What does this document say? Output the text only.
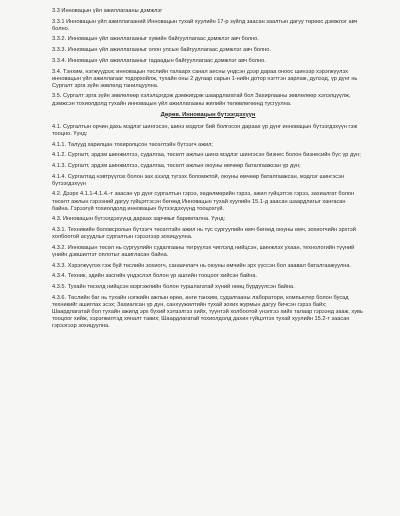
3.3 Инновацын үйл ажиллагааны дэмжлэг

3.3.1 Инновацын үйл ажиллагааний Инновацын тухай хуулийн 17-р зүйлд заасан заалтын дагуу төрөөс дэмжлэг авч болно.

3.3.2. Инновацын үйл ажиллагааныг хувийн байгууллагаас дэмжлэг авч болно.

3.3.3. Инновацын үйл ажиллагааныг олон улсын байгууллагаас дэмжлэг авч болно.

3.3.4. Инновацын үйл ажиллагааныг гадаадын байгууллагаас дэмжлэг авч болно.

3.4. Тэнхим, нэгжүүдээс инновацын төслийн талаарх санал аесны үндсэн дээр дараа оноос шинээр хэрэгжүүлэх инновацын үйл ажиллагааг тодорхойлж, тухайн оны 2 дугаар сарын 1-нийн дотор нэгтгэн зарлаж, дулээд, үр дүнг нь Сургалт эрга зүйн зөвлөлд танилцуулна.

3.5. Сургалт эрга зүйн зөвлөлөөр хэлэлцэгдэж дэмжигдэж шаардлагатай бол Захирлааны зөвлөлөөр хэлэлцүүлж, дэмжсэн тохиолдолд тухайн инновацын үйл ажиллагааны жилийн төлөвлөгөөнд тусгуулна.

Дөрөв. Инновацын бүтээгдэхүүн

4.1. Сургалтын орчин дахь мэдлэг шингэсэн, шинэ мэдлэг бий болгосон дараах үр дүнг инновацын бүтээгдэхүүн гэж тооцно. Үүнд:

4.1.1. Талууд харилцан тохиролцсон төсөлтэйн бүтээгч ажил;

4.1.2. Сургалт, эрдэм шинжилгээ, судалгаа, төсөлт ажлын шинэ мэдлэг шингэсэн бизнес болон бизнесийн бүс үр дүн;

4.1.3. Сургалт, эрдэм шинжилгээ, судалгаа, төсөлт ажлын оюуны өмчөөр баталгаажсан үр дүн;

4.1.4. Сургалтад нэвтрүүлэх болон зах зээлд түгээх боломжтой, оюуны өмчөөр баталгаажсан, мэдлэг шингэсэн бүтээгдэхүүн

4.2. Дээрх 4.1.1-4.1.4.-т заасан үр дүнг сургалтын гэрээ, хөдөлмөрийн гэрээ, ажил гүйцэтгэх гэрээ, захиалгат болон төсөлт ажлын гэрээний дагуу гүйцэтгэсэн бөгөөд Инновацын тухай хуулийн 15.1-д заасан шаардлагыг хангасан байна. Гэрээгүй тохиолдолд инновацын бүтээгдэхүүнд тооцохгүй.

4.3. Инновацын бүтээгдэхүүнд дараах зарчмыг баримтална. Үүнд:

4.3.1. Техникийн боловсролын бүтээгч төсөлтэйн ажил нь түс сургуулийн өмч бөгөөд оюуны өмч, зохиогчийн эрхтэй холбоотой асуудлыг сургалтын гэрээгээр зохицуулна.

4.3.2. Инновацын төсөл нь сургуулийн судалгааны төгрүүлэх чиглэлд нийцсэн, шинжлэх ухаан, технологийн түүний үнийн дэвшилтэт оплотыг ашигласан байна.

4.3.3. Хэрэгжүүлэх гэж буй төслийн зохиогч, санаачлагч нь оюуны өмчийн эрх үүссэн бол заавал баталгаажуулна.

4.3.4. Техник, эдийн засгийн үндэслэл болон үр ашгийн тооцоог хийсэн байна.

4.3.5. Тухайн төсөлд нийцсэн мэргэжлийн болон туршлагатай хүний нөөц бүрдүүлсэн байна.

4.3.6. Төслийн баг нь тухайн нэгжийн ажлын өрөө, анги танхим, судалгааны лаборатори, компьютер болон бусад техникийг ашиглах эсэх; Захиалсан үр дүн, санхүүжилтийн тухай зохих журмын дагуу бичсэн гэрээ байх; Шаардлагатай бол тухайн ажилд эрх бүхий хэлзэлгээ хийх, түүнтэй холбоотой үнэлгээ хийх талаар гэрээнд зааж, хувь тооцоог хийж, хэрэгжилтэд хяналт тавих; Шаардлагатай тохиолдолд дахин гүйцэтгэх тухай хуулийн 15.2-т заасан гэрээгээр зохицуулна.
